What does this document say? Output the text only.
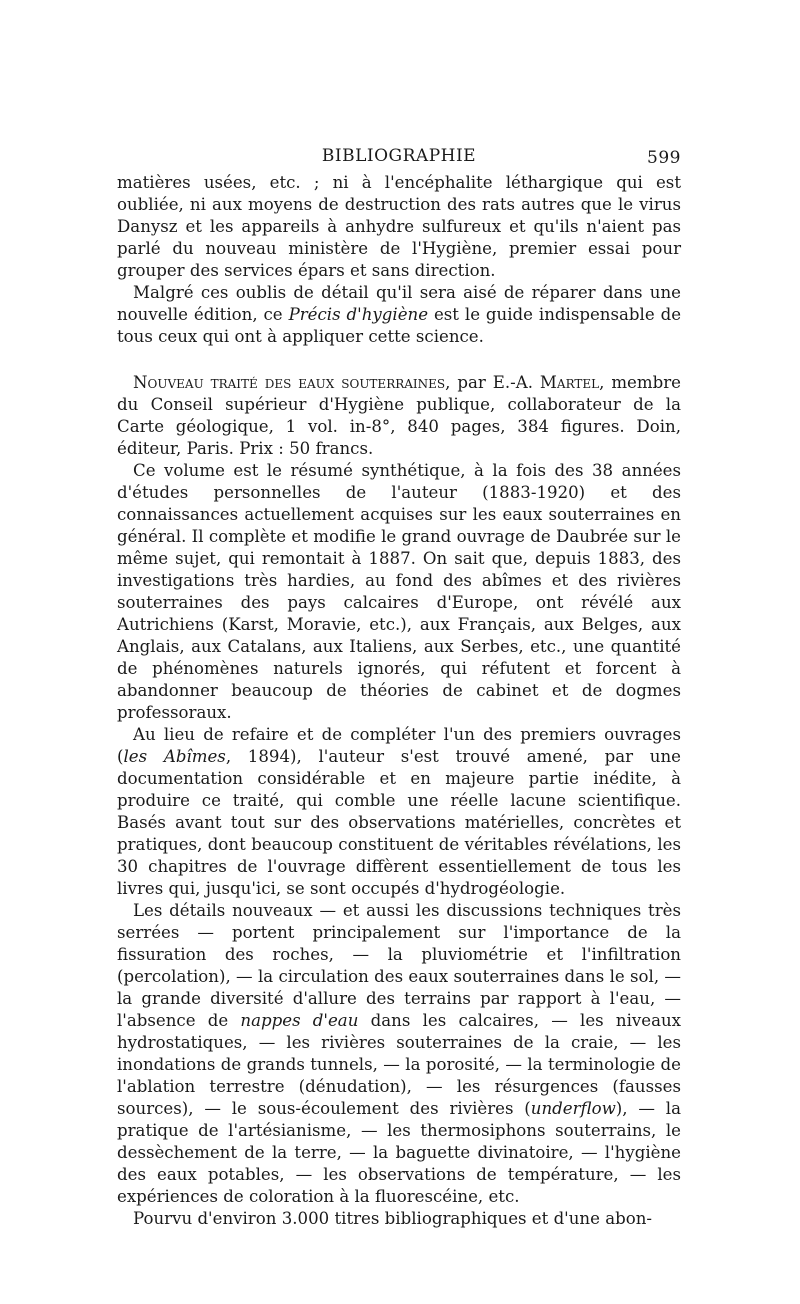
BIBLIOGRAPHIE	599

matières usées, etc. ; ni à l'encéphalite léthargique qui est oubliée, ni aux moyens de destruction des rats autres que le virus Danysz et les appareils à anhydre sulfureux et qu'ils n'aient pas parlé du nouveau ministère de l'Hygiène, premier essai pour grouper des services épars et sans direction.

Malgré ces oublis de détail qu'il sera aisé de réparer dans une nouvelle édition, ce Précis d'hygiène est le guide indispensable de tous ceux qui ont à appliquer cette science.

Nouveau traité des eaux souterraines, par E.-A. Martel, membre du Conseil supérieur d'Hygiène publique, collaborateur de la Carte géologique, 1 vol. in-8°, 840 pages, 384 figures. Doin, éditeur, Paris. Prix : 50 francs.

Ce volume est le résumé synthétique, à la fois des 38 années d'études personnelles de l'auteur (1883-1920) et des connaissances actuellement acquises sur les eaux souterraines en général. Il complète et modifie le grand ouvrage de Daubrée sur le même sujet, qui remontait à 1887. On sait que, depuis 1883, des investigations très hardies, au fond des abîmes et des rivières souterraines des pays calcaires d'Europe, ont révélé aux Autrichiens (Karst, Moravie, etc.), aux Français, aux Belges, aux Anglais, aux Catalans, aux Italiens, aux Serbes, etc., une quantité de phénomènes naturels ignorés, qui réfutent et forcent à abandonner beaucoup de théories de cabinet et de dogmes professoraux.

Au lieu de refaire et de compléter l'un des premiers ouvrages (les Abîmes, 1894), l'auteur s'est trouvé amené, par une documentation considérable et en majeure partie inédite, à produire ce traité, qui comble une réelle lacune scientifique. Basés avant tout sur des observations matérielles, concrètes et pratiques, dont beaucoup constituent de véritables révélations, les 30 chapitres de l'ouvrage diffèrent essentiellement de tous les livres qui, jusqu'ici, se sont occupés d'hydrogéologie.

Les détails nouveaux — et aussi les discussions techniques très serrées — portent principalement sur l'importance de la fissuration des roches, — la pluviométrie et l'infiltration (percolation), — la circulation des eaux souterraines dans le sol, — la grande diversité d'allure des terrains par rapport à l'eau, — l'absence de nappes d'eau dans les calcaires, — les niveaux hydrostatiques, — les rivières souterraines de la craie, — les inondations de grands tunnels, — la porosité, — la terminologie de l'ablation terrestre (dénudation), — les résurgences (fausses sources), — le sous-écoulement des rivières (underflow), — la pratique de l'artésianisme, — les thermosiphons souterrains, le dessèchement de la terre, — la baguette divinatoire, — l'hygiène des eaux potables, — les observations de température, — les expériences de coloration à la fluorescéine, etc.

Pourvu d'environ 3.000 titres bibliographiques et d'une abon-
